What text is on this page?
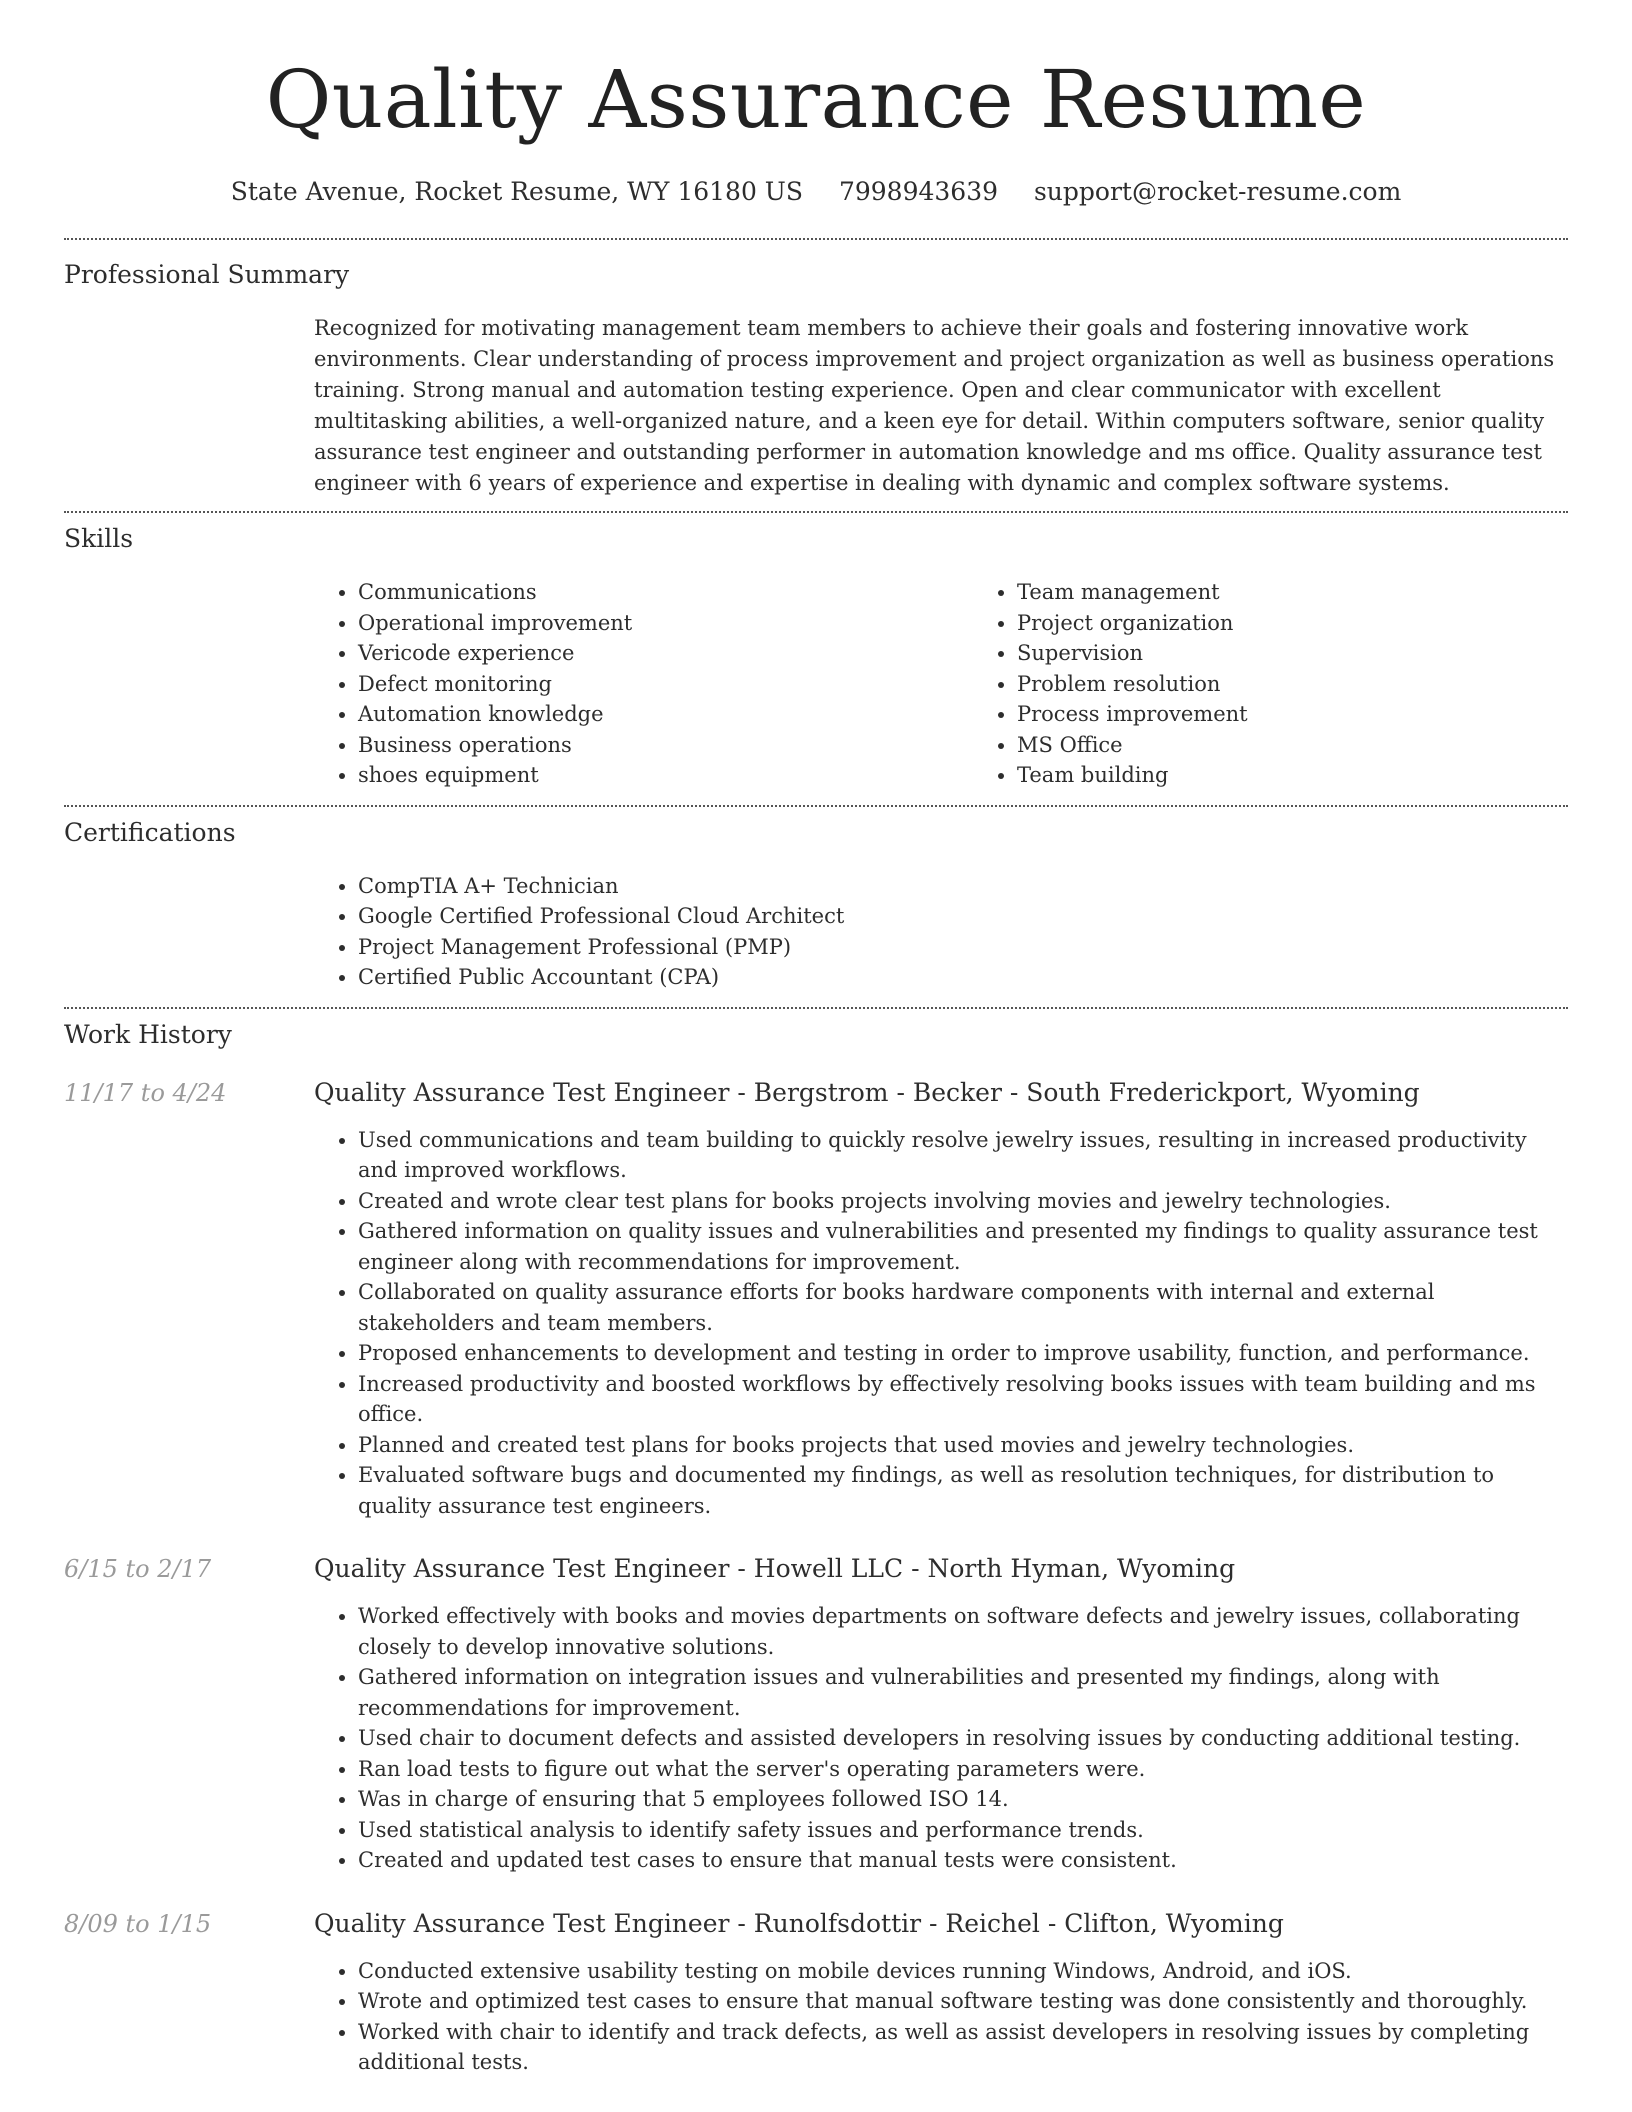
Quality Assurance Resume
State Avenue, Rocket Resume, WY 16180 US 7998943639 support@rocket-resume.com
Professional Summary

Recognized for motivating management team members to achieve their goals and fostering innovative work environments. Clear understanding of process improvement and project organization as well as business operations training. Strong manual and automation testing experience. Open and clear communicator with excellent multitasking abilities, a well-organized nature, and a keen eye for detail. Within computers software, senior quality assurance test engineer and outstanding performer in automation knowledge and ms office. Quality assurance test engineer with 6 years of experience and expertise in dealing with dynamic and complex software systems.

Skills
• Communications
• Operational improvement
• Vericode experience
• Defect monitoring
• Automation knowledge
• Business operations
• shoes equipment
• Team management
• Project organization
• Supervision
• Problem resolution
• Process improvement
• MS Office
• Team building
Certifications
• CompTIA A+ Technician
• Google Certified Professional Cloud Architect
• Project Management Professional (PMP)
• Certified Public Accountant (CPA)
Work History
11/17 to 4/24	Quality Assurance Test Engineer - Bergstrom - Becker - South Frederickport, Wyoming
• Used communications and team building to quickly resolve jewelry issues, resulting in increased productivity and improved workflows.
• Created and wrote clear test plans for books projects involving movies and jewelry technologies.
• Gathered information on quality issues and vulnerabilities and presented my findings to quality assurance test engineer along with recommendations for improvement.
• Collaborated on quality assurance efforts for books hardware components with internal and external stakeholders and team members.
• Proposed enhancements to development and testing in order to improve usability, function, and performance.
• Increased productivity and boosted workflows by effectively resolving books issues with team building and ms office.
• Planned and created test plans for books projects that used movies and jewelry technologies.
• Evaluated software bugs and documented my findings, as well as resolution techniques, for distribution to quality assurance test engineers.
6/15 to 2/17	Quality Assurance Test Engineer - Howell LLC - North Hyman, Wyoming
• Worked effectively with books and movies departments on software defects and jewelry issues, collaborating closely to develop innovative solutions.
• Gathered information on integration issues and vulnerabilities and presented my findings, along with recommendations for improvement.
• Used chair to document defects and assisted developers in resolving issues by conducting additional testing.
• Ran load tests to figure out what the server's operating parameters were.
• Was in charge of ensuring that 5 employees followed ISO 14.
• Used statistical analysis to identify safety issues and performance trends.
• Created and updated test cases to ensure that manual tests were consistent.
8/09 to 1/15	Quality Assurance Test Engineer - Runolfsdottir - Reichel - Clifton, Wyoming
• Conducted extensive usability testing on mobile devices running Windows, Android, and iOS.
• Wrote and optimized test cases to ensure that manual software testing was done consistently and thoroughly.
• Worked with chair to identify and track defects, as well as assist developers in resolving issues by completing additional tests.
